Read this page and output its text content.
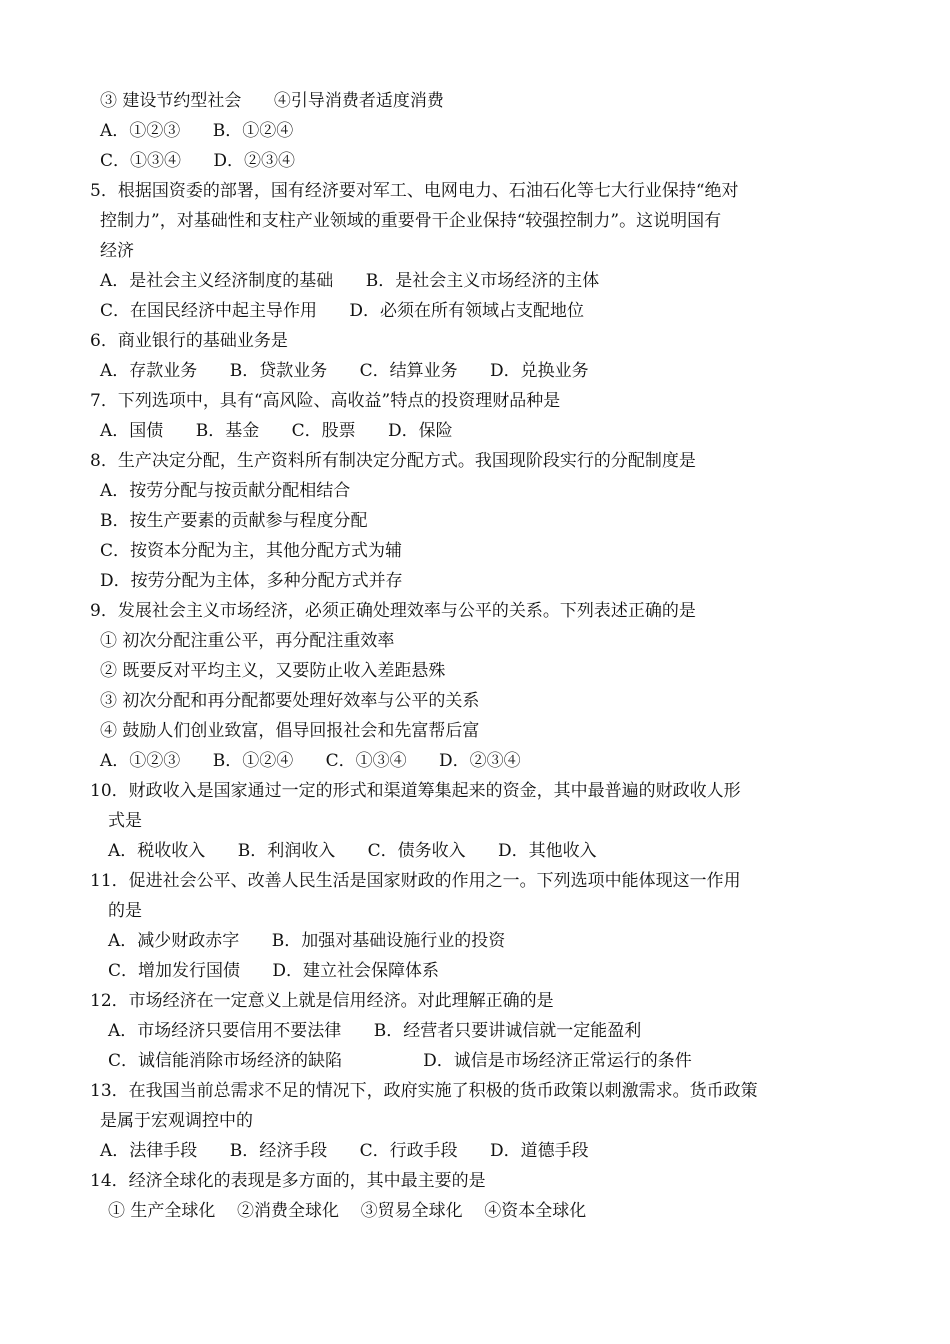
③ 建设节约型社会      ④引导消费者适度消费
A．①②③      B．①②④
C．①③④      D．②③④
5．根据国资委的部署，国有经济要对军工、电网电力、石油石化等七大行业保持“绝对
控制力”，对基础性和支柱产业领域的重要骨干企业保持“较强控制力”。这说明国有
经济
A．是社会主义经济制度的基础      B．是社会主义市场经济的主体
C．在国民经济中起主导作用      D．必须在所有领域占支配地位
6．商业银行的基础业务是
A．存款业务      B．贷款业务      C．结算业务      D．兑换业务
7．下列选项中，具有“高风险、高收益”特点的投资理财品种是
A．国债      B．基金      C．股票      D．保险
8．生产决定分配，生产资料所有制决定分配方式。我国现阶段实行的分配制度是
A．按劳分配与按贡献分配相结合
B．按生产要素的贡献参与程度分配
C．按资本分配为主，其他分配方式为辅
D．按劳分配为主体，多种分配方式并存
9．发展社会主义市场经济，必须正确处理效率与公平的关系。下列表述正确的是
① 初次分配注重公平，再分配注重效率
② 既要反对平均主义，又要防止收入差距悬殊
③ 初次分配和再分配都要处理好效率与公平的关系
④ 鼓励人们创业致富，倡导回报社会和先富帮后富
A．①②③      B．①②④      C．①③④      D．②③④
10．财政收入是国家通过一定的形式和渠道筹集起来的资金，其中最普遍的财政收人形
式是
A．税收收入      B．利润收入      C．债务收入      D．其他收入
11．促进社会公平、改善人民生活是国家财政的作用之一。下列选项中能体现这一作用
的是
A．减少财政赤字      B．加强对基础设施行业的投资
C．增加发行国债      D．建立社会保障体系
12．市场经济在一定意义上就是信用经济。对此理解正确的是
A．市场经济只要信用不要法律      B．经营者只要讲诚信就一定能盈利
C．诚信能消除市场经济的缺陷               D．诚信是市场经济正常运行的条件
13．在我国当前总需求不足的情况下，政府实施了积极的货币政策以刺激需求。货币政策
是属于宏观调控中的
A．法律手段      B．经济手段      C．行政手段      D．道德手段
14．经济全球化的表现是多方面的，其中最主要的是
① 生产全球化    ②消费全球化    ③贸易全球化    ④资本全球化
